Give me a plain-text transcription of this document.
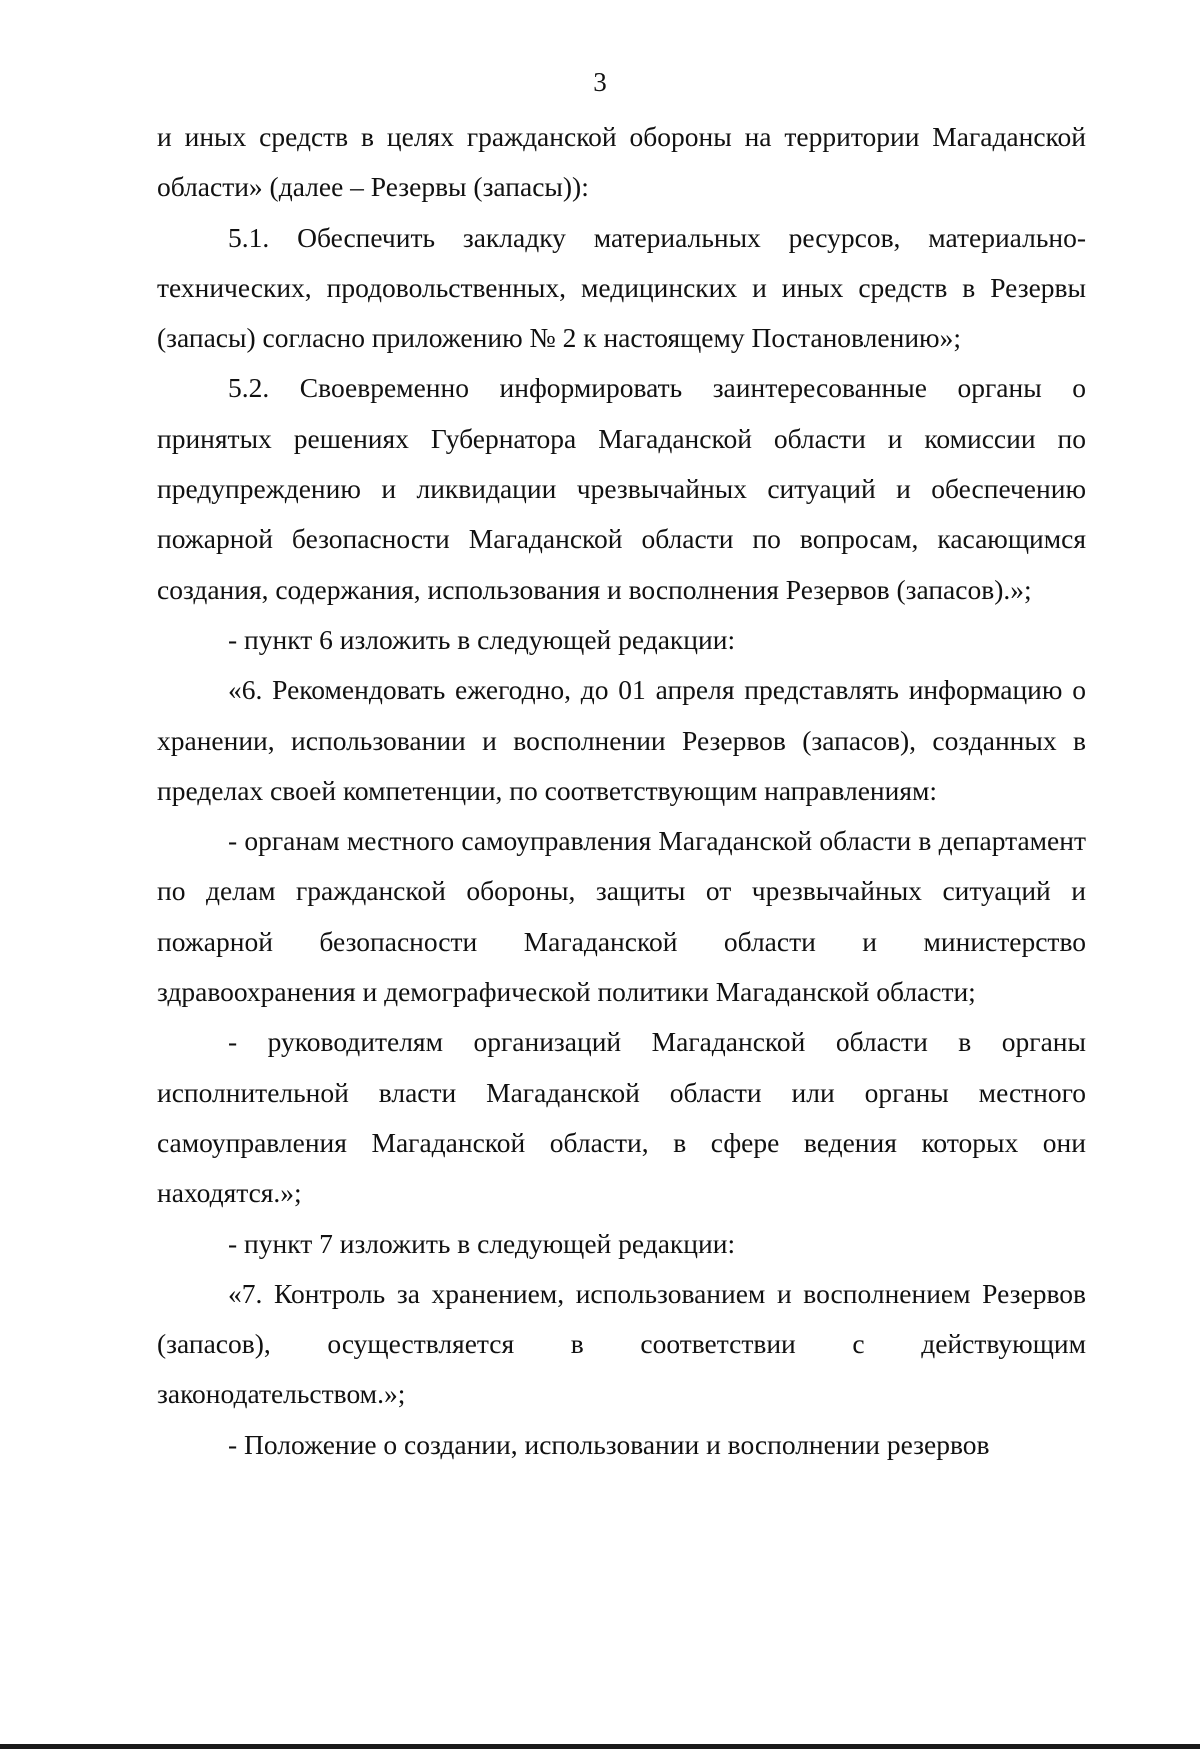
3

и иных средств в целях гражданской обороны на территории Магаданской области» (далее – Резервы (запасы)):

5.1. Обеспечить закладку материальных ресурсов, материально-технических, продовольственных, медицинских и иных средств в Резервы (запасы) согласно приложению № 2 к настоящему Постановлению»;

5.2. Своевременно информировать заинтересованные органы о принятых решениях Губернатора Магаданской области и комиссии по предупреждению и ликвидации чрезвычайных ситуаций и обеспечению пожарной безопасности Магаданской области по вопросам, касающимся создания, содержания, использования и восполнения Резервов (запасов).»;

- пункт 6 изложить в следующей редакции:

«6. Рекомендовать ежегодно, до 01 апреля представлять информацию о хранении, использовании и восполнении Резервов (запасов), созданных в пределах своей компетенции, по соответствующим направлениям:

- органам местного самоуправления Магаданской области в департамент по делам гражданской обороны, защиты от чрезвычайных ситуаций и пожарной безопасности Магаданской области и министерство здравоохранения и демографической политики Магаданской области;

- руководителям организаций Магаданской области в органы исполнительной власти Магаданской области или органы местного самоуправления Магаданской области, в сфере ведения которых они находятся.»;

- пункт 7 изложить в следующей редакции:

«7. Контроль за хранением, использованием и восполнением Резервов (запасов), осуществляется в соответствии с действующим законодательством.»;

- Положение о создании, использовании и восполнении резервов
